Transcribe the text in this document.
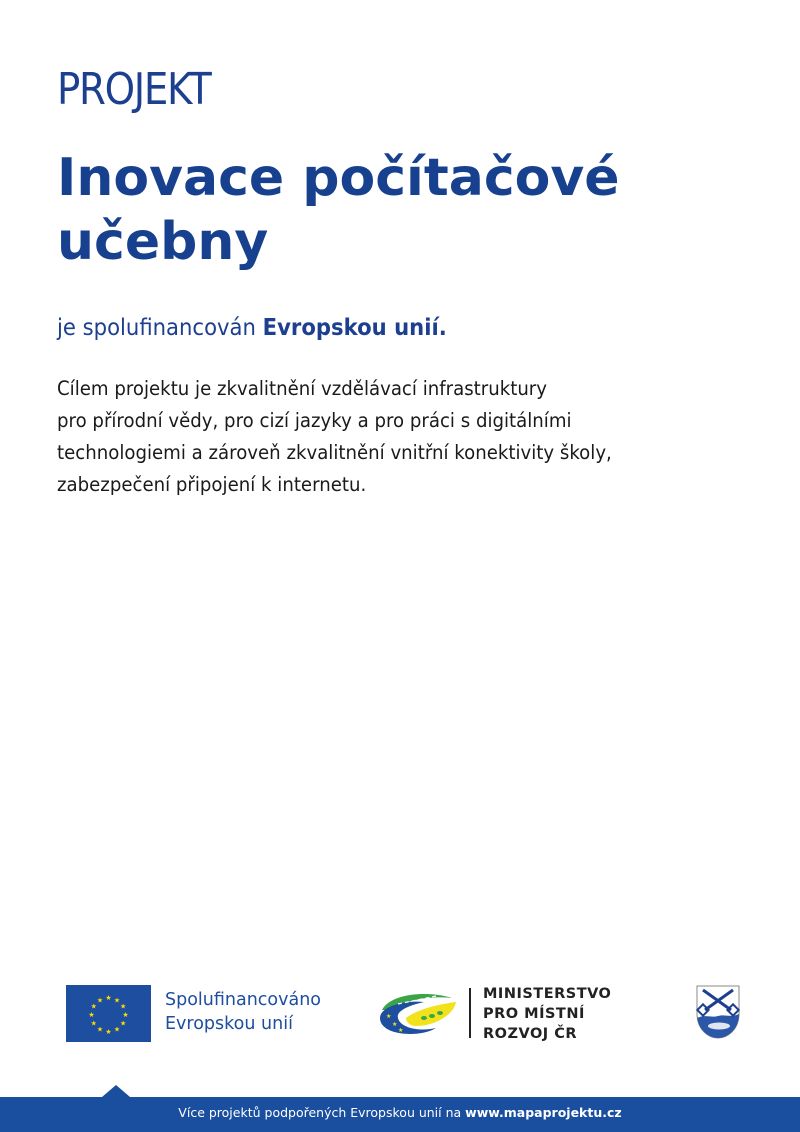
PROJEKT
Inovace počítačové
učebny
je spolufinancován Evropskou unií.
Cílem projektu je zkvalitnění vzdělávací infrastruktury
pro přírodní vědy, pro cizí jazyky a pro práci s digitálními
technologiemi a zároveň zkvalitnění vnitřní konektivity školy,
zabezpečení připojení k internetu.
★ ★
★
★
★
★
★
★
★
★
★
★	Spolufinancováno
Evropskou unií	★
★
★
MINISTERSTVO
PRO MÍSTNÍ
ROZVOJ ČR
Více projektů podpořených Evropskou unií na www.mapaprojektu.cz
